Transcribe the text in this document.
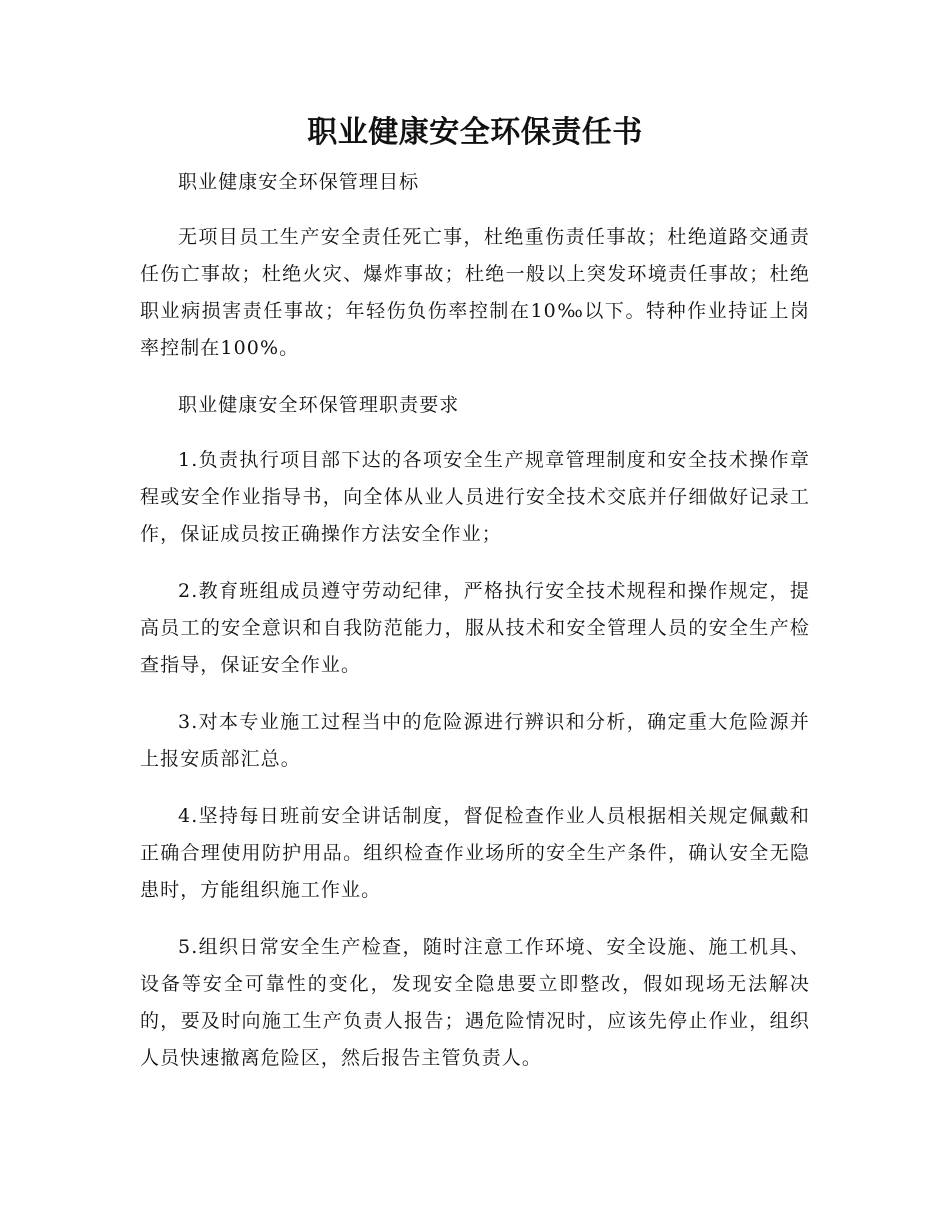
职业健康安全环保责任书

职业健康安全环保管理目标

无项目员工生产安全责任死亡事，杜绝重伤责任事故；杜绝道路交通责任伤亡事故；杜绝火灾、爆炸事故；杜绝一般以上突发环境责任事故；杜绝职业病损害责任事故；年轻伤负伤率控制在10‰以下。特种作业持证上岗率控制在100%。

职业健康安全环保管理职责要求

1.负责执行项目部下达的各项安全生产规章管理制度和安全技术操作章程或安全作业指导书，向全体从业人员进行安全技术交底并仔细做好记录工作，保证成员按正确操作方法安全作业；

2.教育班组成员遵守劳动纪律，严格执行安全技术规程和操作规定，提高员工的安全意识和自我防范能力，服从技术和安全管理人员的安全生产检查指导，保证安全作业。

3.对本专业施工过程当中的危险源进行辨识和分析，确定重大危险源并上报安质部汇总。

4.坚持每日班前安全讲话制度，督促检查作业人员根据相关规定佩戴和正确合理使用防护用品。组织检查作业场所的安全生产条件，确认安全无隐患时，方能组织施工作业。

5.组织日常安全生产检查，随时注意工作环境、安全设施、施工机具、设备等安全可靠性的变化，发现安全隐患要立即整改，假如现场无法解决的，要及时向施工生产负责人报告；遇危险情况时，应该先停止作业，组织人员快速撤离危险区，然后报告主管负责人。
